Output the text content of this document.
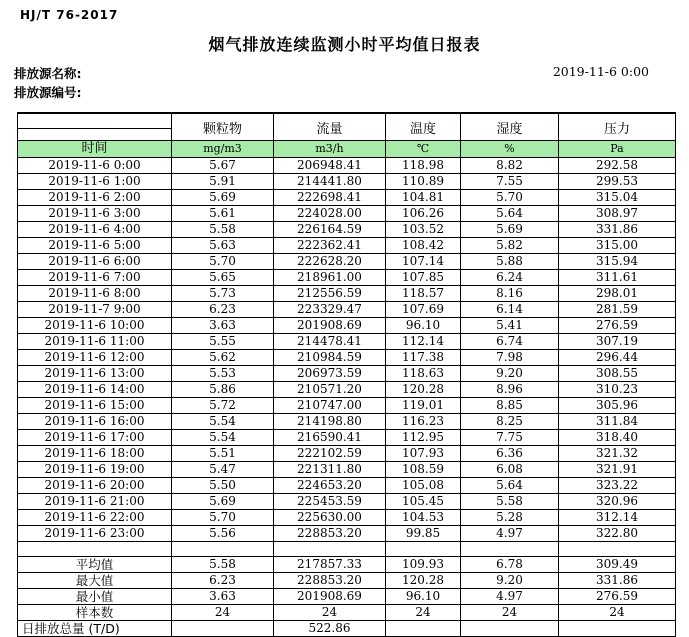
HJ/T 76-2017
烟气排放连续监测小时平均值日报表
排放源名称:	2019-11-6 0:00
排放源编号:
	颗粒物	流量	温度	湿度	压力
时间	mg/m3	m3/h	℃	%	Pa
2019-11-6 0:00	5.67	206948.41	118.98	8.82	292.58
2019-11-6 1:00	5.91	214441.80	110.89	7.55	299.53
2019-11-6 2:00	5.69	222698.41	104.81	5.70	315.04
2019-11-6 3:00	5.61	224028.00	106.26	5.64	308.97
2019-11-6 4:00	5.58	226164.59	103.52	5.69	331.86
2019-11-6 5:00	5.63	222362.41	108.42	5.82	315.00
2019-11-6 6:00	5.70	222628.20	107.14	5.88	315.94
2019-11-6 7:00	5.65	218961.00	107.85	6.24	311.61
2019-11-6 8:00	5.73	212556.59	118.57	8.16	298.01
2019-11-7 9:00	6.23	223329.47	107.69	6.14	281.59
2019-11-6 10:00	3.63	201908.69	96.10	5.41	276.59
2019-11-6 11:00	5.55	214478.41	112.14	6.74	307.19
2019-11-6 12:00	5.62	210984.59	117.38	7.98	296.44
2019-11-6 13:00	5.53	206973.59	118.63	9.20	308.55
2019-11-6 14:00	5.86	210571.20	120.28	8.96	310.23
2019-11-6 15:00	5.72	210747.00	119.01	8.85	305.96
2019-11-6 16:00	5.54	214198.80	116.23	8.25	311.84
2019-11-6 17:00	5.54	216590.41	112.95	7.75	318.40
2019-11-6 18:00	5.51	222102.59	107.93	6.36	321.32
2019-11-6 19:00	5.47	221311.80	108.59	6.08	321.91
2019-11-6 20:00	5.50	224653.20	105.08	5.64	323.22
2019-11-6 21:00	5.69	225453.59	105.45	5.58	320.96
2019-11-6 22:00	5.70	225630.00	104.53	5.28	312.14
2019-11-6 23:00	5.56	228853.20	99.85	4.97	322.80

平均值	5.58	217857.33	109.93	6.78	309.49
最大值	6.23	228853.20	120.28	9.20	331.86
最小值	3.63	201908.69	96.10	4.97	276.59
样本数	24	24	24	24	24
日排放总量 (T/D)		522.86			
